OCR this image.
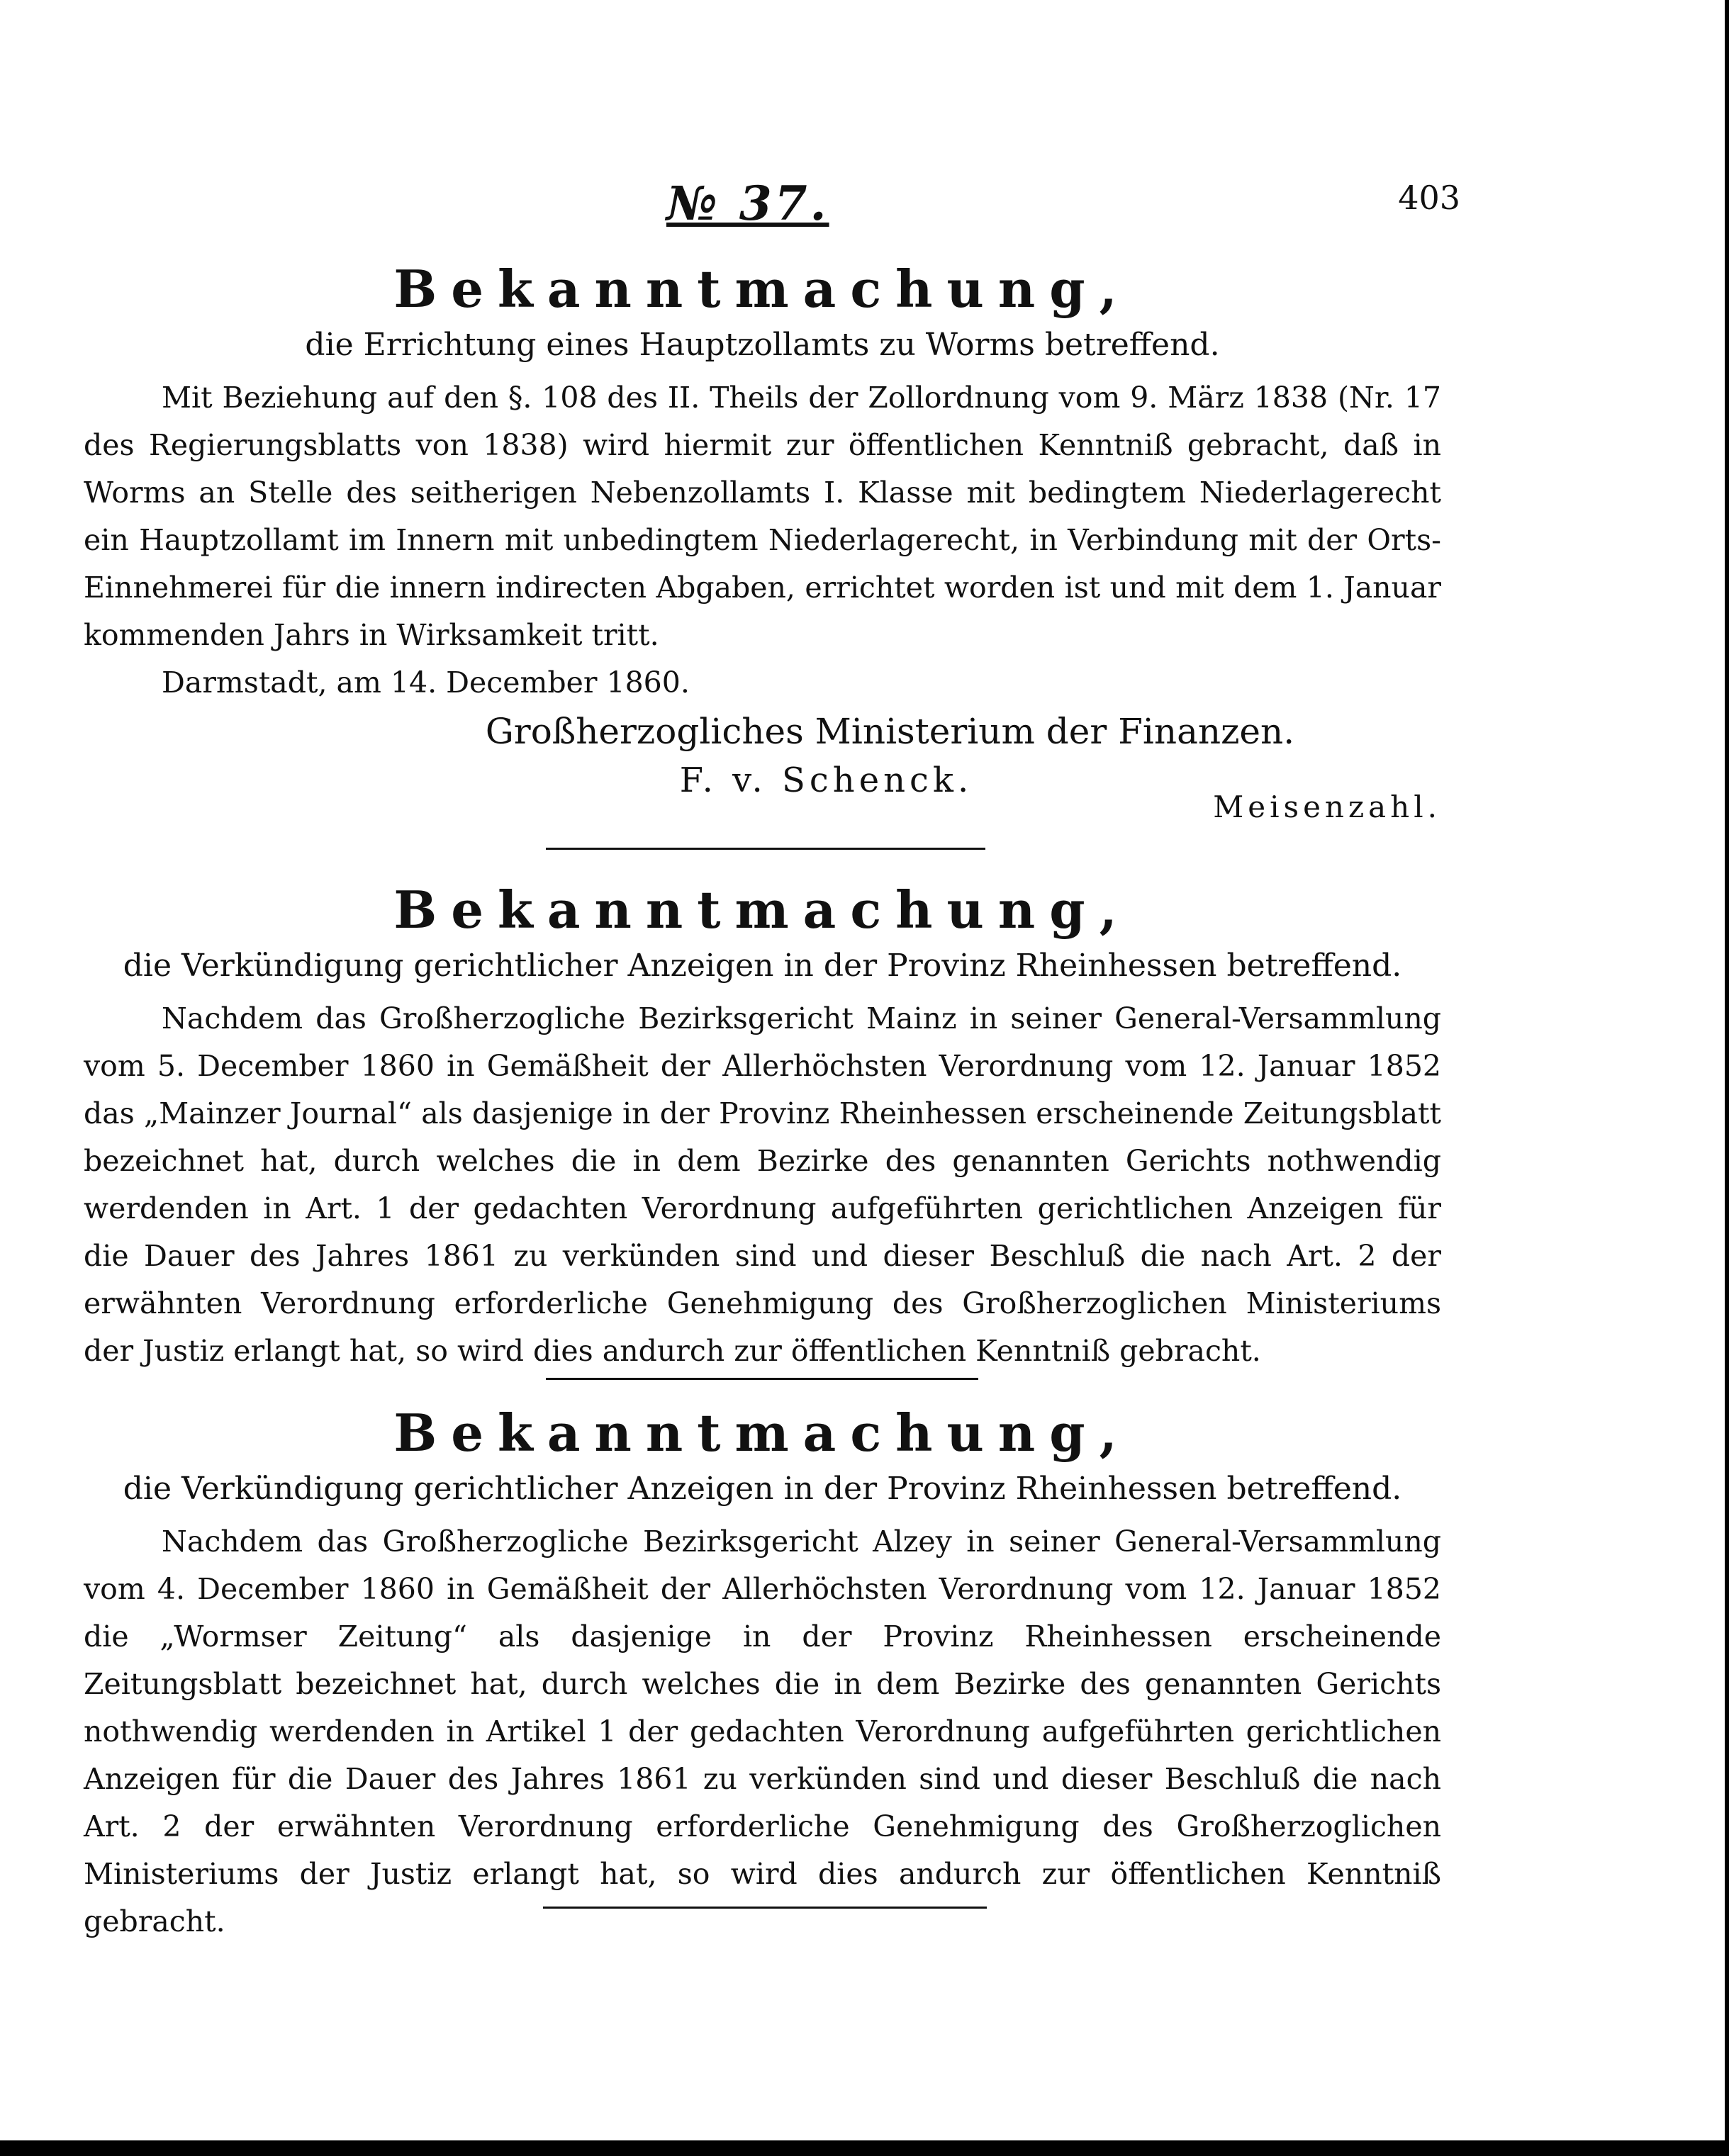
№ 37.	403
Bekanntmachung,

die Errichtung eines Hauptzollamts zu Worms betreffend.

Mit Beziehung auf den §. 108 des II. Theils der Zollordnung vom 9. März 1838 (Nr. 17 des Regierungsblatts von 1838) wird hiermit zur öffentlichen Kenntniß gebracht, daß in Worms an Stelle des seitherigen Nebenzollamts I. Klasse mit bedingtem Niederlagerecht ein Hauptzollamt im Innern mit unbedingtem Niederlagerecht, in Verbindung mit der Orts-Einnehmerei für die innern indirecten Abgaben, errichtet worden ist und mit dem 1. Januar kommenden Jahrs in Wirksamkeit tritt.

Darmstadt, am 14. December 1860.

Großherzogliches Ministerium der Finanzen.

F. v. Schenck.

Meisenzahl.
Bekanntmachung,

die Verkündigung gerichtlicher Anzeigen in der Provinz Rheinhessen betreffend.

Nachdem das Großherzogliche Bezirksgericht Mainz in seiner General-Versammlung vom 5. December 1860 in Gemäßheit der Allerhöchsten Verordnung vom 12. Januar 1852 das „Mainzer Journal“ als dasjenige in der Provinz Rheinhessen erscheinende Zeitungsblatt bezeichnet hat, durch welches die in dem Bezirke des genannten Gerichts nothwendig werdenden in Art. 1 der gedachten Verordnung aufgeführten gerichtlichen Anzeigen für die Dauer des Jahres 1861 zu verkünden sind und dieser Beschluß die nach Art. 2 der erwähnten Verordnung erforderliche Genehmigung des Großherzoglichen Ministeriums der Justiz erlangt hat, so wird dies andurch zur öffentlichen Kenntniß gebracht.

Bekanntmachung,

die Verkündigung gerichtlicher Anzeigen in der Provinz Rheinhessen betreffend.

Nachdem das Großherzogliche Bezirksgericht Alzey in seiner General-Versammlung vom 4. December 1860 in Gemäßheit der Allerhöchsten Verordnung vom 12. Januar 1852 die „Wormser Zeitung“ als dasjenige in der Provinz Rheinhessen erscheinende Zeitungsblatt bezeichnet hat, durch welches die in dem Bezirke des genannten Gerichts nothwendig werdenden in Artikel 1 der gedachten Verordnung aufgeführten gerichtlichen Anzeigen für die Dauer des Jahres 1861 zu verkünden sind und dieser Beschluß die nach Art. 2 der erwähnten Verordnung erforderliche Genehmigung des Großherzoglichen Ministeriums der Justiz erlangt hat, so wird dies andurch zur öffentlichen Kenntniß gebracht.
